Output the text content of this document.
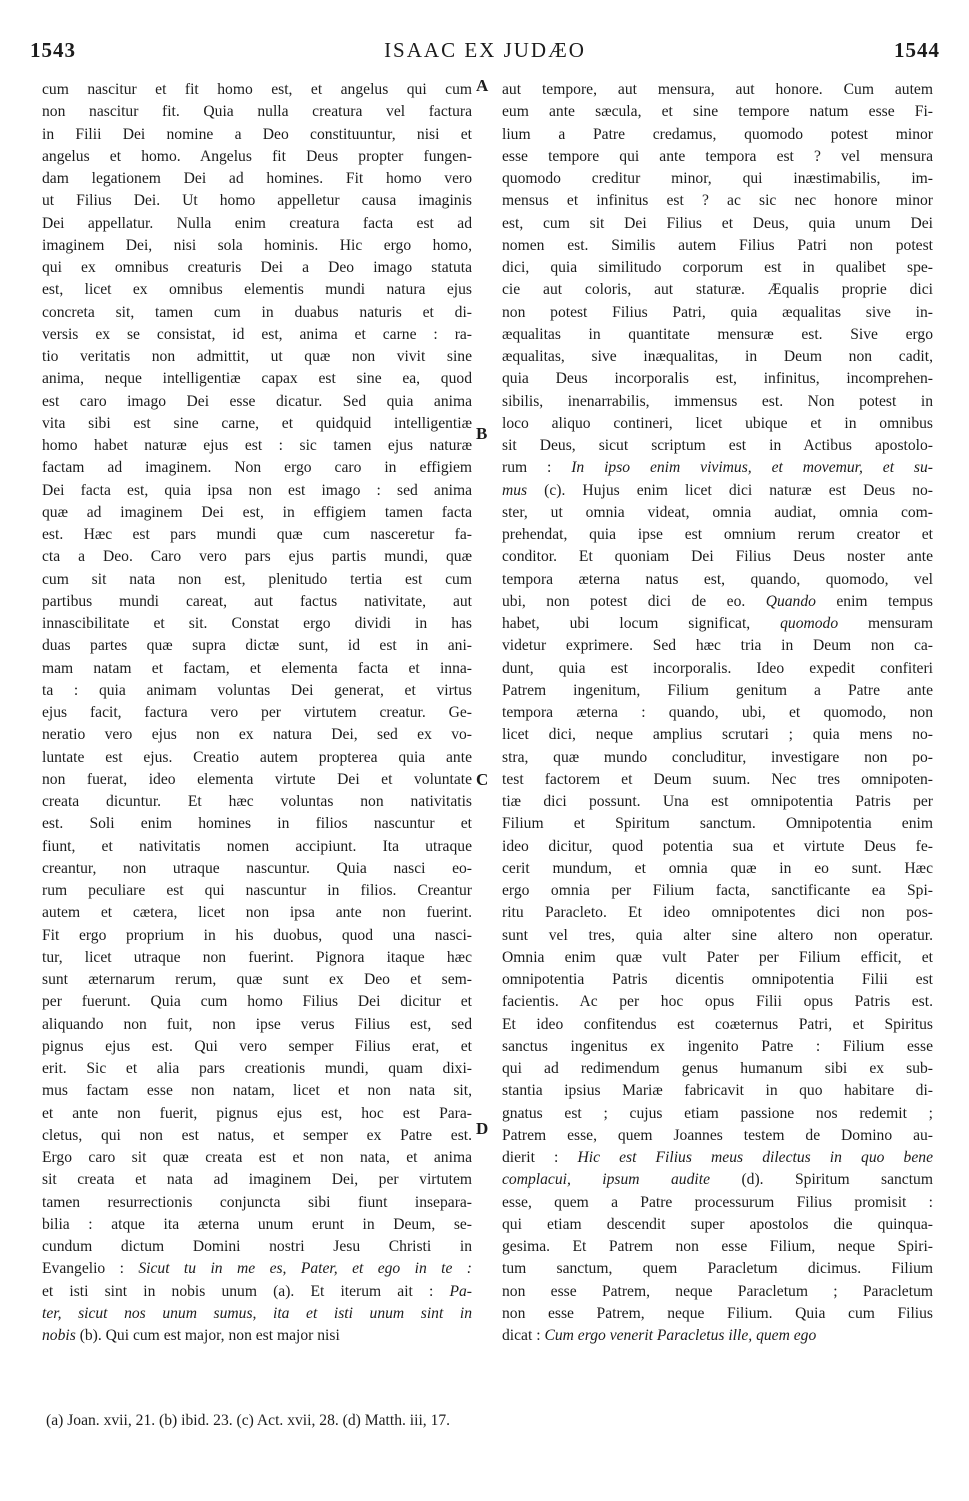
1543	ISAAC EX JUDÆO	1544
cum nascitur et fit homo est, et angelus qui cum
non nascitur fit. Quia nulla creatura vel factura
in Filii Dei nomine a Deo constituuntur, nisi et
angelus et homo. Angelus fit Deus propter fungen-
dam legationem Dei ad homines. Fit homo vero
ut Filius Dei. Ut homo appelletur causa imaginis
Dei appellatur. Nulla enim creatura facta est ad
imaginem Dei, nisi sola hominis. Hic ergo homo,
qui ex omnibus creaturis Dei a Deo imago statuta
est, licet ex omnibus elementis mundi natura ejus
concreta sit, tamen cum in duabus naturis et di-
versis ex se consistat, id est, anima et carne : ra-
tio veritatis non admittit, ut quæ non vivit sine
anima, neque intelligentiæ capax est sine ea, quod
est caro imago Dei esse dicatur. Sed quia anima
vita sibi est sine carne, et quidquid intelligentiæ
homo habet naturæ ejus est : sic tamen ejus naturæ
factam ad imaginem. Non ergo caro in effigiem
Dei facta est, quia ipsa non est imago : sed anima
quæ ad imaginem Dei est, in effigiem tamen facta
est. Hæc est pars mundi quæ cum nasceretur fa-
cta a Deo. Caro vero pars ejus partis mundi, quæ
cum sit nata non est, plenitudo tertia est cum
partibus mundi careat, aut factus nativitate, aut
innascibilitate et sit. Constat ergo dividi in has
duas partes quæ supra dictæ sunt, id est in ani-
mam natam et factam, et elementa facta et inna-
ta : quia animam voluntas Dei generat, et virtus
ejus facit, factura vero per virtutem creatur. Ge-
neratio vero ejus non ex natura Dei, sed ex vo-
luntate est ejus. Creatio autem propterea quia ante
non fuerat, ideo elementa virtute Dei et voluntate
creata dicuntur. Et hæc voluntas non nativitatis
est. Soli enim homines in filios nascuntur et
fiunt, et nativitatis nomen accipiunt. Ita utraque
creantur, non utraque nascuntur. Quia nasci eo-
rum peculiare est qui nascuntur in filios. Creantur
autem et cætera, licet non ipsa ante non fuerint.
Fit ergo proprium in his duobus, quod una nasci-
tur, licet utraque non fuerint. Pignora itaque hæc
sunt æternarum rerum, quæ sunt ex Deo et sem-
per fuerunt. Quia cum homo Filius Dei dicitur et
aliquando non fuit, non ipse verus Filius est, sed
pignus ejus est. Qui vero semper Filius erat, et
erit. Sic et alia pars creationis mundi, quam dixi-
mus factam esse non natam, licet et non nata sit,
et ante non fuerit, pignus ejus est, hoc est Para-
cletus, qui non est natus, et semper ex Patre est.
Ergo caro sit quæ creata est et non nata, et anima
sit creata et nata ad imaginem Dei, per virtutem
tamen resurrectionis conjuncta sibi fiunt insepara-
bilia : atque ita æterna unum erunt in Deum, se-
cundum dictum Domini nostri Jesu Christi in
Evangelio : Sicut tu in me es, Pater, et ego in te :
et isti sint in nobis unum (a). Et iterum ait : Pa-
ter, sicut nos unum sumus, ita et isti unum sint in
nobis (b). Qui cum est major, non est major nisi
aut tempore, aut mensura, aut honore. Cum autem
eum ante sæcula, et sine tempore natum esse Fi-
lium a Patre credamus, quomodo potest minor
esse tempore qui ante tempora est ? vel mensura
quomodo creditur minor, qui inæstimabilis, im-
mensus et infinitus est ? ac sic nec honore minor
est, cum sit Dei Filius et Deus, quia unum Dei
nomen est. Similis autem Filius Patri non potest
dici, quia similitudo corporum est in qualibet spe-
cie aut coloris, aut staturæ. Æqualis proprie dici
non potest Filius Patri, quia æqualitas sive in-
æqualitas in quantitate mensuræ est. Sive ergo
æqualitas, sive inæqualitas, in Deum non cadit,
quia Deus incorporalis est, infinitus, incomprehen-
sibilis, inenarrabilis, immensus est. Non potest in
loco aliquo contineri, licet ubique et in omnibus
sit Deus, sicut scriptum est in Actibus apostolo-
rum : In ipso enim vivimus, et movemur, et su-
mus (c). Hujus enim licet dici naturæ est Deus no-
ster, ut omnia videat, omnia audiat, omnia com-
prehendat, quia ipse est omnium rerum creator et
conditor. Et quoniam Dei Filius Deus noster ante
tempora æterna natus est, quando, quomodo, vel
ubi, non potest dici de eo. Quando enim tempus
habet, ubi locum significat, quomodo mensuram
videtur exprimere. Sed hæc tria in Deum non ca-
dunt, quia est incorporalis. Ideo expedit confiteri
Patrem ingenitum, Filium genitum a Patre ante
tempora æterna : quando, ubi, et quomodo, non
licet dici, neque amplius scrutari ; quia mens no-
stra, quæ mundo concluditur, investigare non po-
test factorem et Deum suum. Nec tres omnipoten-
tiæ dici possunt. Una est omnipotentia Patris per
Filium et Spiritum sanctum. Omnipotentia enim
ideo dicitur, quod potentia sua et virtute Deus fe-
cerit mundum, et omnia quæ in eo sunt. Hæc
ergo omnia per Filium facta, sanctificante ea Spi-
ritu Paracleto. Et ideo omnipotentes dici non pos-
sunt vel tres, quia alter sine altero non operatur.
Omnia enim quæ vult Pater per Filium efficit, et
omnipotentia Patris dicentis omnipotentia Filii est
facientis. Ac per hoc opus Filii opus Patris est.
Et ideo confitendus est coæternus Patri, et Spiritus
sanctus ingenitus ex ingenito Patre : Filium esse
qui ad redimendum genus humanum sibi ex sub-
stantia ipsius Mariæ fabricavit in quo habitare di-
gnatus est ; cujus etiam passione nos redemit ;
Patrem esse, quem Joannes testem de Domino au-
dierit : Hic est Filius meus dilectus in quo bene
complacui, ipsum audite (d). Spiritum sanctum
esse, quem a Patre processurum Filius promisit :
qui etiam descendit super apostolos die quinqua-
gesima. Et Patrem non esse Filium, neque Spiri-
tum sanctum, quem Paracletum dicimus. Filium
non esse Patrem, neque Paracletum ; Paracletum
non esse Patrem, neque Filium. Quia cum Filius
dicat : Cum ergo venerit Paracletus ille, quem ego
A
B
C
D
(a) Joan. xvii, 21. (b) ibid. 23. (c) Act. xvii, 28. (d) Matth. iii, 17.
